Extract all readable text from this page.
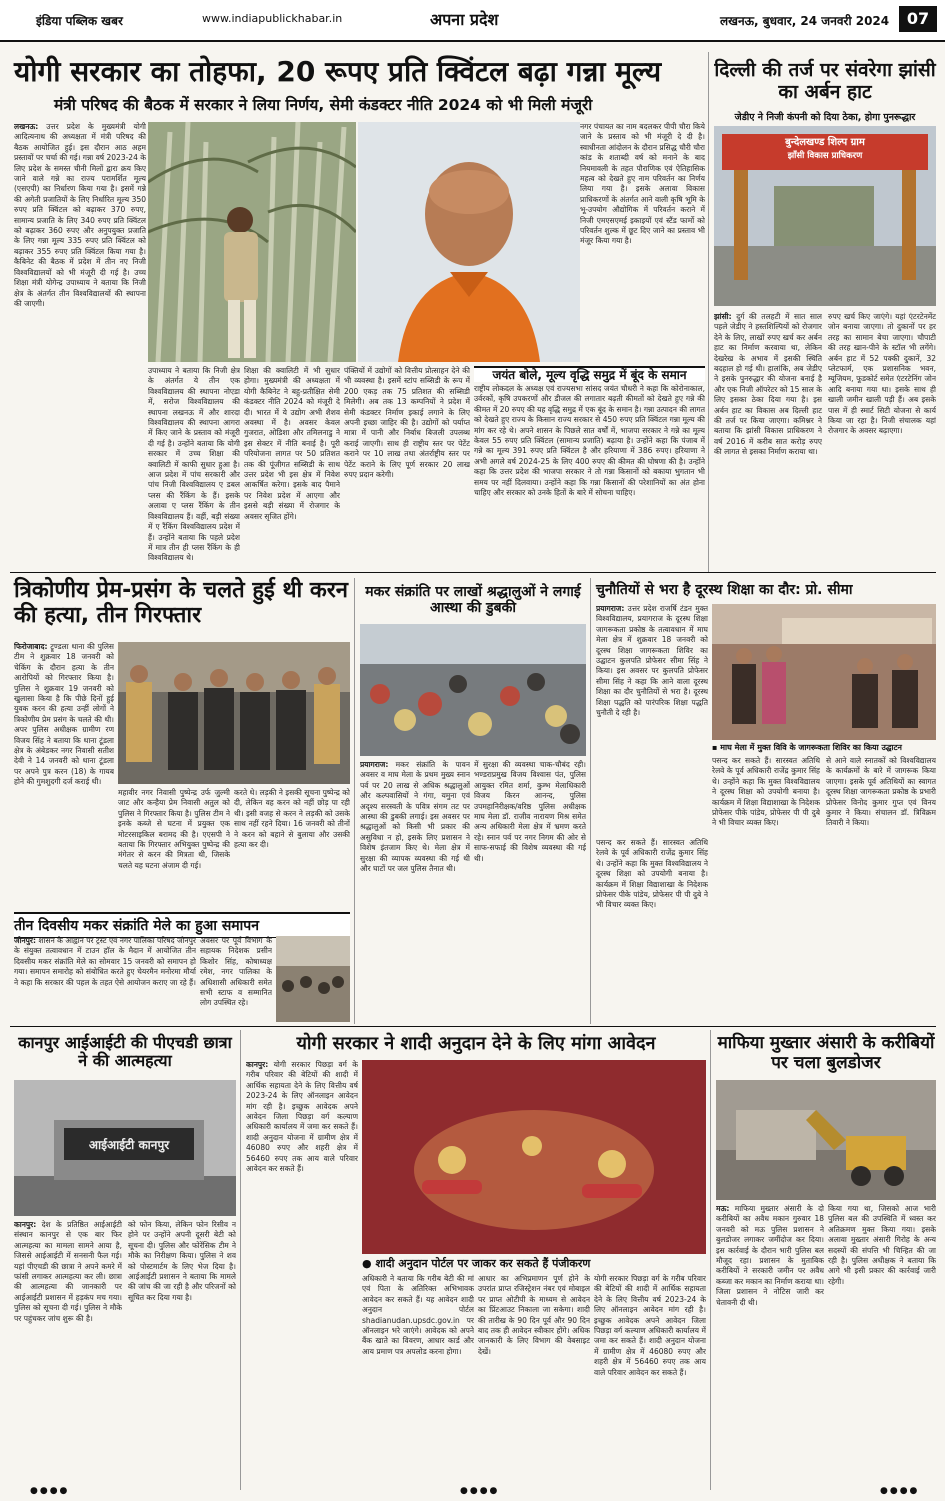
इंडिया पब्लिक खबर	www.indiapublickhabar.in	अपना प्रदेश	लखनऊ, बुधवार, 24 जनवरी 2024	07
योगी सरकार का तोहफा, 20 रूपए प्रति क्विंटल बढ़ा गन्ना मूल्य
मंत्री परिषद की बैठक में सरकार ने लिया निर्णय, सेमी कंडक्टर नीति 2024 को भी मिली मंजूरी
लखनऊ: उत्तर प्रदेश के मुख्यमंत्री योगी आदित्यनाथ की अध्यक्षता में मंत्री परिषद की बैठक आयोजित हुई। इस दौरान आठ अहम प्रस्तावों पर चर्चा की गई। गन्ना वर्ष 2023-24 के लिए प्रदेश के समस्त चीनी मिलों द्वारा क्रय किए जाने वाले गन्ने का राज्य परामर्शित मूल्य (एसएपी) का निर्धारण किया गया है। इसमें गन्ने की अगेती प्रजातियों के लिए निर्धारित मूल्य 350 रुपए प्रति क्विंटल को बढ़ाकर 370 रुपए, सामान्य प्रजाति के लिए 340 रुपए प्रति क्विंटल को बढ़ाकर 360 रुपए और अनुपयुक्त प्रजाति के लिए गन्ना मूल्य 335 रुपए प्रति क्विंटल को बढ़ाकर 355 रुपए प्रति क्विंटल किया गया है। कैबिनेट की बैठक में प्रदेश में तीन नए निजी विश्वविद्यालयों को भी मंजूरी दी गई है। उच्च शिक्षा मंत्री योगेन्द्र उपाध्याय ने बताया कि निजी क्षेत्र के अंतर्गत तीन विश्वविद्यालयों की स्थापना की जाएगी।
नगर पंचायत का नाम बदलकर पीपी चौरा किये जाने के प्रस्ताव को भी मंजूरी दे दी है। स्वाधीनता आंदोलन के दौरान प्रसिद्ध चौरी चौरा कांड के शताब्दी वर्ष को मनाने के बाद नियमावली के तहत पौराणिक एवं ऐतिहासिक महत्व को देखते हुए नाम परिवर्तन का निर्णय लिया गया है। इसके अलावा विकास प्राधिकरणों के अंतर्गत आने वाली कृषि भूमि के भू-उपयोग औद्योगिक में परिवर्तन कराने में निजी एमएसएमई इकाइयों एवं स्टैंड फार्मो को परिवर्तन शुल्क में छूट दिए जाने का प्रस्ताव भी मंजूर किया गया है।
उपाध्याय ने बताया कि निजी क्षेत्र के अंतर्गत ये तीन एक विश्वविद्यालय की स्थापना नोएडा में, सरोज विश्वविद्यालय की स्थापना लखनऊ में और शारदा विश्वविद्यालय की स्थापना आगरा में किए जाने के प्रस्ताव को मंजूरी दी गई है। उन्होंने बताया कि योगी सरकार में उच्च शिक्षा की क्वालिटी में काफी सुधार हुआ है। आज प्रदेश में पांच सरकारी और पांच निजी विश्वविद्यालय ए डबल प्लस की रैंकिंग के हैं। इसके अलावा ए प्लस रैंकिंग के तीन विश्वविद्यालय हैं। वहीं, बड़ी संख्या में ए रैंकिंग विश्वविद्यालय प्रदेश में हैं। उन्होंने बताया कि पहले प्रदेश में मात्र तीन ही प्लस रैंकिंग के ही विश्वविद्यालय थे।
शिक्षा की क्वालिटी में भी सुधार होगा। मुख्यमंत्री की अध्यक्षता में योगी कैबिनेट ने बहु-प्रतीक्षित सेमी कंडक्टर नीति 2024 को मंजूरी दे दी। भारत में ये उद्योग अभी शैशव अवस्था में है। अवसर केवल गुजरात, ओडिशा और तमिलनाडु ने इस सेक्टर में नीति बनाई है। पूरी परियोजना लागत पर 50 प्रतिशत तक की पूंजीगत सब्सिडी के साथ उत्तर प्रदेश भी इस क्षेत्र में निवेश आकर्षित करेगा। इसके बाद पैमाने पर निवेश प्रदेश में आएगा और इससे बड़ी संख्या में रोजगार के अवसर सृजित होंगे।
पंक्तियों में उद्योगों को वित्तीय प्रोत्साहन देने की भी व्यवस्था है। इसमें स्टांप सब्सिडी के रूप में 200 एकड़ तक 75 प्रतिशत की सब्सिडी मिलेगी। अब तक 13 कम्पनियों ने प्रदेश में सेमी कंडक्टर निर्माण इकाई लगाने के लिए अपनी इच्छा जाहिर की है। उद्योगों को पर्याप्त मात्रा में पानी और निर्बाध बिजली उपलब्ध कराई जाएगी। साथ ही राष्ट्रीय स्तर पर पेटेंट कराने पर 10 लाख तथा अंतर्राष्ट्रीय स्तर पर पेटेंट कराने के लिए पूर्ण सरकार 20 लाख रुपए प्रदान करेगी।
जयंत बोले, मूल्य वृद्धि समुद्र में बूंद के समान
राष्ट्रीय लोकदल के अध्यक्ष एवं राज्यसभा सांसद जयंत चौधरी ने कहा कि कोरोनाकाल, उर्वरकों, कृषि उपकरणों और डीजल की लगातार बढ़ती कीमतों को देखते हुए गन्ने की कीमत में 20 रुपए की यह वृद्धि समुद्र में एक बूंद के समान है। गन्ना उत्पादन की लागत को देखते हुए राज्य के किसान राज्य सरकार से 450 रुपए प्रति क्विंटल गन्ना मूल्य की मांग कर रहे थे। अपने शासन के पिछले सात वर्षों में, भाजपा सरकार ने गन्ने का मूल्य केवल 55 रुपए प्रति क्विंटल (सामान्य प्रजाति) बढ़ाया है। उन्होंने कहा कि पंजाब में गन्ने का मूल्य 391 रुपए प्रति क्विंटल है और हरियाणा में 386 रुपए। हरियाणा ने अभी अगले वर्ष 2024-25 के लिए 400 रुपए की कीमत की घोषणा की है। उन्होंने कहा कि उत्तर प्रदेश की भाजपा सरकार ने तो गन्ना किसानों को बकाया भुगतान भी समय पर नहीं दिलवाया। उन्होंने कहा कि गन्ना किसानों की परेशानियों का अंत होना चाहिए और सरकार को उनके हितों के बारे में सोचना चाहिए।
दिल्ली की तर्ज पर संवरेगा झांसी का अर्बन हाट
जेडीए ने निजी कंपनी को दिया ठेका, होगा पुनरूद्धार
बुन्देलखण्ड शिल्प ग्राम
झाँसी विकास प्राधिकरण
झांसी: दुर्ग की तलहटी में सात साल पहले जेडीए ने हस्तशिल्पियों को रोजगार देने के लिए, लाखों रुपए खर्च कर अर्बन हाट का निर्माण करवाया था, लेकिन देखरेख के अभाव में इसकी स्थिति बदहाल हो गई थी। हालांकि, अब जेडीए ने इसके पुनरुद्धार की योजना बनाई है और एक निजी ऑपरेटर को 15 साल के लिए इसका ठेका दिया गया है। इस अर्बन हाट का विकास अब दिल्ली हाट की तर्ज पर किया जाएगा। कमिश्नर ने बताया कि झांसी विकास प्राधिकरण ने वर्ष 2016 में करीब सात करोड़ रुपए की लागत से इसका निर्माण कराया था।
रुपए खर्च किए जाएंगे। यहां एंटरटेनमेंट जोन बनाया जाएगा। तो दुकानों पर हर तरह का सामान बेचा जाएगा। चौपाटी की तरह खान-पीने के स्टॉल भी लगेंगे। अर्बन हाट में 52 पक्की दुकानें, 32 प्लेटफार्म, एक प्रशासनिक भवन, म्यूजियम, फूडकोर्ट समेत एंटरटेनिंग जोन आदि बनाया गया था। इसके साथ ही खाली जमीन खाली पड़ी हैं। अब इसके पास में ही स्मार्ट सिटी योजना से कार्य किया जा रहा है। निजी संचालक यहां रोजगार के अवसर बढ़ाएगा।
त्रिकोणीय प्रेम-प्रसंग के चलते हुई थी करन की हत्या, तीन गिरफ्तार
फिरोजाबाद: ट्रूण्डला थाना की पुलिस टीम ने शुक्रवार 18 जनवरी को चेकिंग के दौरान हत्या के तीन आरोपियों को गिरफ्तार किया है। पुलिस ने शुक्रवार 19 जनवरी को खुलासा किया है कि पीछे दिनों हुई युवक करन की हत्या उन्हीं लोगों ने त्रिकोणीय प्रेम प्रसंग के चलते की थी। अपर पुलिस अधीक्षक ग्रामीण रण विजय सिंह ने बताया कि थाना टूंडला क्षेत्र के अंबेडकर नगर निवासी सतीश देवी ने 14 जनवरी को थाना टूंडला पर अपने पुत्र करन (18) के गायब होने की गुमशुदगी दर्ज कराई थी।
महावीर नगर निवासी पुष्पेन्द्र उर्फ जुल्मी जाट और कन्हैया प्रेम निवासी अतुल को पुलिस ने गिरफ्तार किया है। पुलिस टीम ने इनके कब्जे से घटना में प्रयुक्त एक मोटरसाइकिल बरामद की है। एएसपी ने बताया कि गिरफ्तार अभियुक्त पुष्पेन्द्र की मंगेतर से करन की मित्रता थी, जिसके चलते यह घटना अंजाम दी गई।
करते थे। लड़की ने इसकी सूचना पुष्पेन्द्र को दी, लेकिन वह करन को नहीं छोड़ पा रही थी। इसी वजह से करन ने लड़की को उसके साथ नहीं रहने दिया। 16 जनवरी को तीनों ने करन को बहाने से बुलाया और उसकी हत्या कर दी।
तीन दिवसीय मकर संक्रांति मेले का हुआ समापन
जौनपुर: शासन के आह्वान पर ट्रस्ट एवं नगर पालिका परिषद जौनपुर के संयुक्त तत्वावधान में टाउन हॉल के मैदान में आयोजित तीन दिवसीय मकर संक्रांति मेले का सोमवार 15 जनवरी को समापन हो गया। समापन समारोह को संबोधित करते हुए चेयरमैन मनोरमा मौर्या ने कहा कि सरकार की पहल के तहत ऐसे आयोजन कराए जा रहे हैं।
अवसर पर पूर्व विभाग के सहायक निदेशक प्रसीन किशोर सिंह, कोषाध्यक्ष रमेश, नगर पालिका के अधिशासी अधिकारी समेत सभी स्टाफ व सम्मानित लोग उपस्थित रहे।
मकर संक्रांति पर लाखों श्रद्धालुओं ने लगाई आस्था की डुबकी
प्रयागराज: मकर संक्रांति के पावन अवसर व माघ मेला के प्रथम मुख्य स्नान पर्व पर 20 लाख से अधिक श्रद्धालुओं और कल्पवासियों ने गंगा, यमुना एवं अदृश्य सरस्वती के पवित्र संगम तट पर आस्था की डुबकी लगाई। इस अवसर पर श्रद्धालुओं को किसी भी प्रकार की असुविधा न हो, इसके लिए प्रशासन ने विशेष इंतजाम किए थे। मेला क्षेत्र में सुरक्षा की व्यापक व्यवस्था की गई थी और घाटों पर जल पुलिस तैनात थी।
में सुरक्षा की व्यवस्था चाक-चौबंद रही। भण्डराप्रमुख विजय विश्वास पंत, पुलिस आयुक्त रमित शर्मा, कुम्भ मेलाधिकारी विजय किरन आनन्द, पुलिस उपमहानिरीक्षक/वरिष्ठ पुलिस अधीक्षक माघ मेला डॉ. राजीव नारायण मिश्र समेत अन्य अधिकारी मेला क्षेत्र में भ्रमण करते रहे। स्नान पर्व पर नगर निगम की ओर से साफ-सफाई की विशेष व्यवस्था की गई थी।
चुनौतियों से भरा है दूरस्थ शिक्षा का दौर: प्रो. सीमा
प्रयागराज: उत्तर प्रदेश राजर्षि टंडन मुक्त विश्वविद्यालय, प्रयागराज के दूरस्थ शिक्षा जागरूकता प्रकोष्ठ के तत्वावधान में माघ मेला क्षेत्र में शुक्रवार 18 जनवरी को दूरस्थ शिक्षा जागरूकता शिविर का उद्घाटन कुलपति प्रोफेसर सीमा सिंह ने किया। इस अवसर पर कुलपति प्रोफेसर सीमा सिंह ने कहा कि आने वाला दूरस्थ शिक्षा का दौर चुनौतियों से भरा है। दूरस्थ शिक्षा पद्धति को पारंपरिक शिक्षा पद्धति चुनौती दे रही है।
▪ माघ मेला में मुक्त विवि के जागरूकता शिविर का किया उद्घाटन
पसन्द कर सकते हैं। सारस्वत अतिथि रेलवे के पूर्व अधिकारी राजेंद्र कुमार सिंह थे। उन्होंने कहा कि मुक्त विश्वविद्यालय ने दूरस्थ शिक्षा को उपयोगी बनाया है। कार्यक्रम में शिक्षा विद्याशाखा के निदेशक प्रोफेसर पीके पांडेय, प्रोफेसर पी पी दुबे ने भी विचार व्यक्त किए।
से आने वाले स्नातकों को विश्वविद्यालय के कार्यक्रमों के बारे में जागरूक किया जाएगा। इसके पूर्व अतिथियों का स्वागत दूरस्थ शिक्षा जागरूकता प्रकोष्ठ के प्रभारी प्रोफेसर विनोद कुमार गुप्त एवं विनय कुमार ने किया। संचालन डॉ. त्रिविक्रम तिवारी ने किया।
पसन्द कर सकते हैं। सारस्वत अतिथि रेलवे के पूर्व अधिकारी राजेंद्र कुमार सिंह थे। उन्होंने कहा कि मुक्त विश्वविद्यालय ने दूरस्थ शिक्षा को उपयोगी बनाया है। कार्यक्रम में शिक्षा विद्याशाखा के निदेशक प्रोफेसर पीके पांडेय, प्रोफेसर पी पी दुबे ने भी विचार व्यक्त किए।
कानपुर आईआईटी की पीएचडी छात्रा ने की आत्महत्या
आईआईटी कानपुर
कानपुर: देश के प्रतिष्ठित आईआईटी संस्थान कानपुर से एक बार फिर आत्महत्या का मामला सामने आया है, जिससे आईआईटी में सनसनी फैल गई। यहां पीएचडी की छात्रा ने अपने कमरे में फांसी लगाकर आत्महत्या कर ली। छात्रा की आत्महत्या की जानकारी पर आईआईटी प्रशासन में हड़कंप मच गया। पुलिस को सूचना दी गई। पुलिस ने मौके पर पहुंचकर जांच शुरू की है।
को फोन किया, लेकिन फोन रिसीव न होने पर उन्होंने अपनी दूसरी बेटी को सूचना दी। पुलिस और फोरेंसिक टीम ने मौके का निरीक्षण किया। पुलिस ने शव को पोस्टमार्टम के लिए भेज दिया है। आईआईटी प्रशासन ने बताया कि मामले की जांच की जा रही है और परिजनों को सूचित कर दिया गया है।
योगी सरकार ने शादी अनुदान देने के लिए मांगा आवेदन
कानपुर: योगी सरकार पिछड़ा वर्ग के गरीब परिवार की बेटियों की शादी में आर्थिक सहायता देने के लिए वित्तीय वर्ष 2023-24 के लिए ऑनलाइन आवेदन मांग रही है। इच्छुक आवेदक अपने आवेदन जिला पिछड़ा वर्ग कल्याण अधिकारी कार्यालय में जमा कर सकते हैं। शादी अनुदान योजना में ग्रामीण क्षेत्र में 46080 रुपए और शहरी क्षेत्र में 56460 रुपए तक आय वाले परिवार आवेदन कर सकते हैं।
● शादी अनुदान पोर्टल पर जाकर कर सकते हैं पंजीकरण
अधिकारी ने बताया कि गरीब बेटी की मां एवं पिता के अतिरिक्त अभिभावक आवेदन कर सकते हैं। यह आवेदन शादी अनुदान पोर्टल shadianudan.upsdc.gov.in पर ऑनलाइन भरे जाएंगे। आवेदक को अपने बैंक खाते का विवरण, आधार कार्ड और आय प्रमाण पत्र अपलोड करना होगा।
आधार का अभिप्रमाणन पूर्ण होने के उपरांत प्राप्त रजिस्ट्रेशन नंबर एवं मोबाइल पर प्राप्त ओटीपी के माध्यम से आवेदन का प्रिंटआउट निकाला जा सकेगा। शादी की तारीख के 90 दिन पूर्व और 90 दिन बाद तक ही आवेदन स्वीकार होंगे। अधिक जानकारी के लिए विभाग की वेबसाइट देखें।
योगी सरकार पिछड़ा वर्ग के गरीब परिवार की बेटियों की शादी में आर्थिक सहायता देने के लिए वित्तीय वर्ष 2023-24 के लिए ऑनलाइन आवेदन मांग रही है। इच्छुक आवेदक अपने आवेदन जिला पिछड़ा वर्ग कल्याण अधिकारी कार्यालय में जमा कर सकते हैं। शादी अनुदान योजना में ग्रामीण क्षेत्र में 46080 रुपए और शहरी क्षेत्र में 56460 रुपए तक आय वाले परिवार आवेदन कर सकते हैं।
माफिया मुख्तार अंसारी के करीबियों पर चला बुलडोजर
मऊ: माफिया मुख्तार अंसारी के दो करीबियों का अवैध मकान गुरुवार 18 जनवरी को मऊ पुलिस प्रशासन ने बुलडोजर लगाकर जमींदोज कर दिया। इस कार्रवाई के दौरान भारी पुलिस बल मौजूद रहा। प्रशासन के मुताबिक करीबियों ने सरकारी जमीन पर अवैध कब्जा कर मकान का निर्माण कराया था। जिला प्रशासन ने नोटिस जारी कर चेतावनी दी थी।
किया गया था, जिसको आज भारी पुलिस बल की उपस्थिति में ध्वस्त कर अतिक्रमण मुक्त किया गया। इसके अलावा मुख्तार अंसारी गिरोह के अन्य सदस्यों की संपत्ति भी चिन्हित की जा रही है। पुलिस अधीक्षक ने बताया कि आगे भी इसी प्रकार की कार्रवाई जारी रहेगी।
●●●●	●●●●	●●●●
